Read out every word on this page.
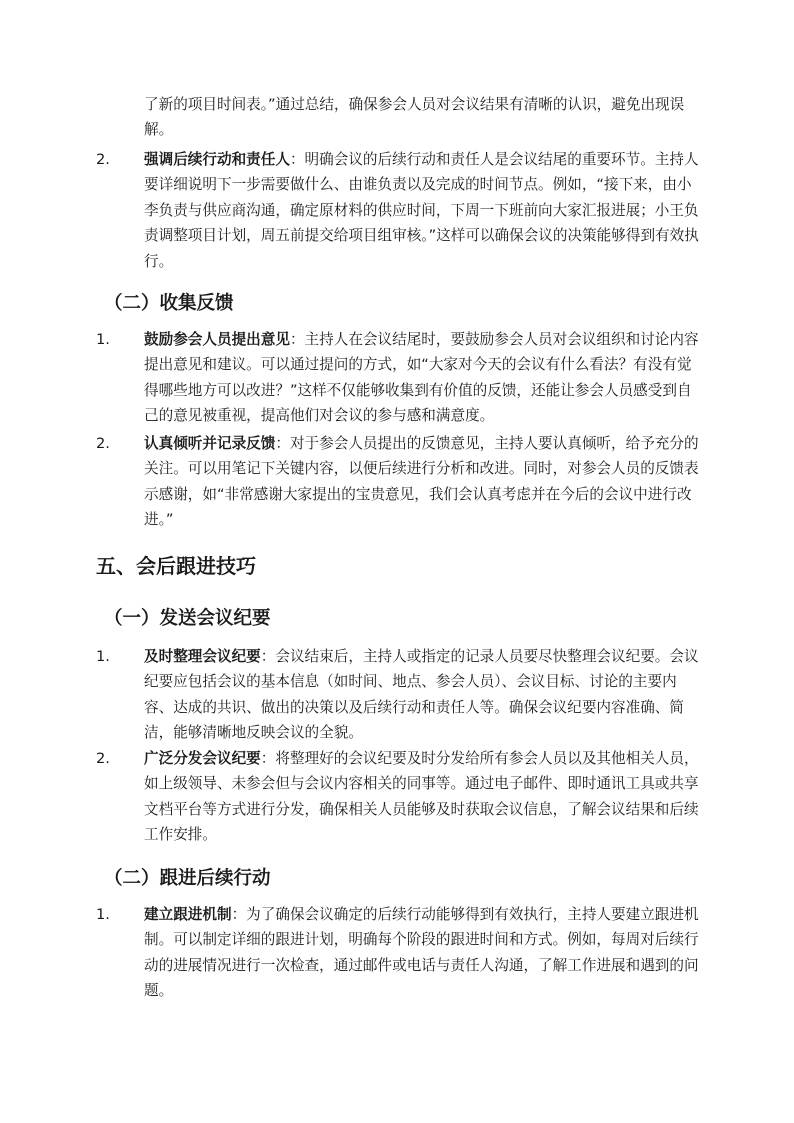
了新的项目时间表。”通过总结，确保参会人员对会议结果有清晰的认识，避免出现误解。
2. 强调后续行动和责任人：明确会议的后续行动和责任人是会议结尾的重要环节。主持人要详细说明下一步需要做什么、由谁负责以及完成的时间节点。例如，“接下来，由小李负责与供应商沟通，确定原材料的供应时间，下周一下班前向大家汇报进展；小王负责调整项目计划，周五前提交给项目组审核。”这样可以确保会议的决策能够得到有效执行。
（二）收集反馈
1. 鼓励参会人员提出意见：主持人在会议结尾时，要鼓励参会人员对会议组织和讨论内容提出意见和建议。可以通过提问的方式，如“大家对今天的会议有什么看法？有没有觉得哪些地方可以改进？”这样不仅能够收集到有价值的反馈，还能让参会人员感受到自己的意见被重视，提高他们对会议的参与感和满意度。
2. 认真倾听并记录反馈：对于参会人员提出的反馈意见，主持人要认真倾听，给予充分的关注。可以用笔记下关键内容，以便后续进行分析和改进。同时，对参会人员的反馈表示感谢，如“非常感谢大家提出的宝贵意见，我们会认真考虑并在今后的会议中进行改进。”
五、会后跟进技巧
（一）发送会议纪要
1. 及时整理会议纪要：会议结束后，主持人或指定的记录人员要尽快整理会议纪要。会议纪要应包括会议的基本信息（如时间、地点、参会人员）、会议目标、讨论的主要内容、达成的共识、做出的决策以及后续行动和责任人等。确保会议纪要内容准确、简洁，能够清晰地反映会议的全貌。
2. 广泛分发会议纪要：将整理好的会议纪要及时分发给所有参会人员以及其他相关人员，如上级领导、未参会但与会议内容相关的同事等。通过电子邮件、即时通讯工具或共享文档平台等方式进行分发，确保相关人员能够及时获取会议信息，了解会议结果和后续工作安排。
（二）跟进后续行动
1. 建立跟进机制：为了确保会议确定的后续行动能够得到有效执行，主持人要建立跟进机制。可以制定详细的跟进计划，明确每个阶段的跟进时间和方式。例如，每周对后续行动的进展情况进行一次检查，通过邮件或电话与责任人沟通，了解工作进展和遇到的问题。
